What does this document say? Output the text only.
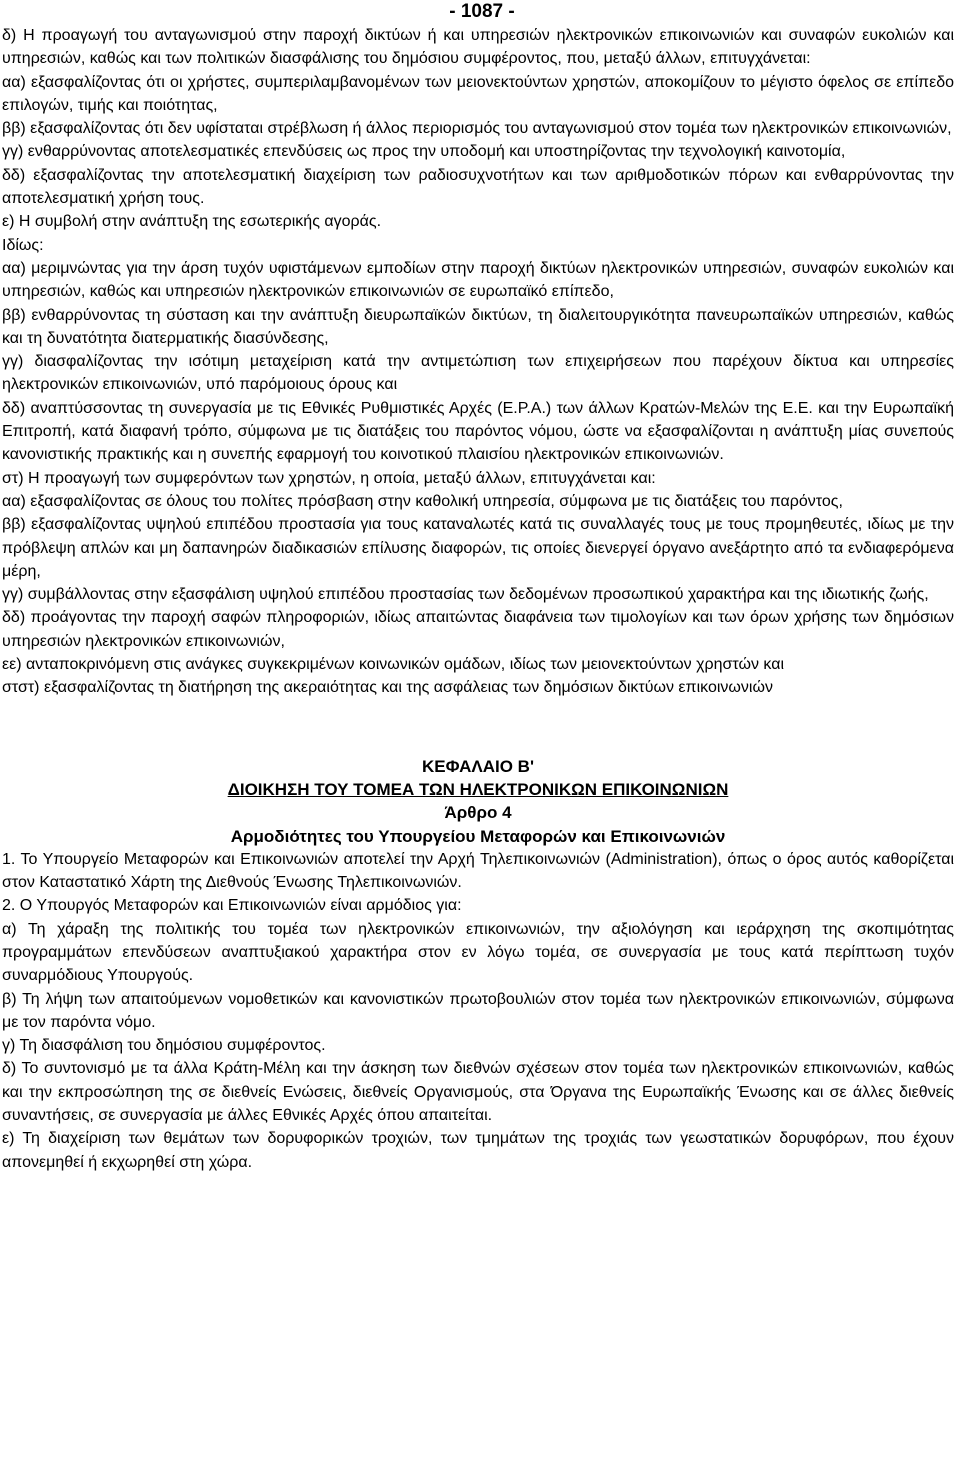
- 1087 -

δ) Η προαγωγή του ανταγωνισμού στην παροχή δικτύων ή και υπηρεσιών ηλεκτρονικών επικοινωνιών και συναφών ευκολιών και υπηρεσιών, καθώς και των πολιτικών διασφάλισης του δημόσιου συμφέροντος, που, μεταξύ άλλων, επιτυγχάνεται:

αα) εξασφαλίζοντας ότι οι χρήστες, συμπεριλαμβανομένων των μειονεκτούντων χρηστών, αποκομίζουν το μέγιστο όφελος σε επίπεδο επιλογών, τιμής και ποιότητας,

ββ) εξασφαλίζοντας ότι δεν υφίσταται στρέβλωση ή άλλος περιορισμός του ανταγωνισμού στον τομέα των ηλεκτρονικών επικοινωνιών,

γγ) ενθαρρύνοντας αποτελεσματικές επενδύσεις ως προς την υποδομή και υποστηρίζοντας την τεχνολογική καινοτομία,

δδ) εξασφαλίζοντας την αποτελεσματική διαχείριση των ραδιοσυχνοτήτων και των αριθμοδοτικών πόρων και ενθαρρύνοντας την αποτελεσματική χρήση τους.

ε) Η συμβολή στην ανάπτυξη της εσωτερικής αγοράς.

Ιδίως:

αα) μεριμνώντας για την άρση τυχόν υφιστάμενων εμποδίων στην παροχή δικτύων ηλεκτρονικών υπηρεσιών, συναφών ευκολιών και υπηρεσιών, καθώς και υπηρεσιών ηλεκτρονικών επικοινωνιών σε ευρωπαϊκό επίπεδο,

ββ) ενθαρρύνοντας τη σύσταση και την ανάπτυξη διευρωπαϊκών δικτύων, τη διαλειτουργικότητα πανευρωπαϊκών υπηρεσιών, καθώς και τη δυνατότητα διατερματικής διασύνδεσης,

γγ) διασφαλίζοντας την ισότιμη μεταχείριση κατά την αντιμετώπιση των επιχειρήσεων που παρέχουν δίκτυα και υπηρεσίες ηλεκτρονικών επικοινωνιών, υπό παρόμοιους όρους και

δδ) αναπτύσσοντας τη συνεργασία με τις Εθνικές Ρυθμιστικές Αρχές (Ε.Ρ.Α.) των άλλων Κρατών-Μελών της Ε.Ε. και την Ευρωπαϊκή Επιτροπή, κατά διαφανή τρόπο, σύμφωνα με τις διατάξεις του παρόντος νόμου, ώστε να εξασφαλίζονται η ανάπτυξη μίας συνεπούς κανονιστικής πρακτικής και η συνεπής εφαρμογή του κοινοτικού πλαισίου ηλεκτρονικών επικοινωνιών.

στ) Η προαγωγή των συμφερόντων των χρηστών, η οποία, μεταξύ άλλων, επιτυγχάνεται και:

αα) εξασφαλίζοντας σε όλους του πολίτες πρόσβαση στην καθολική υπηρεσία, σύμφωνα με τις διατάξεις του παρόντος,

ββ) εξασφαλίζοντας υψηλού επιπέδου προστασία για τους καταναλωτές κατά τις συναλλαγές τους με τους προμηθευτές, ιδίως με την πρόβλεψη απλών και μη δαπανηρών διαδικασιών επίλυσης διαφορών, τις οποίες διενεργεί όργανο ανεξάρτητο από τα ενδιαφερόμενα μέρη,

γγ) συμβάλλοντας στην εξασφάλιση υψηλού επιπέδου προστασίας των δεδομένων προσωπικού χαρακτήρα και της ιδιωτικής ζωής,

δδ) προάγοντας την παροχή σαφών πληροφοριών, ιδίως απαιτώντας διαφάνεια των τιμολογίων και των όρων χρήσης των δημόσιων υπηρεσιών ηλεκτρονικών επικοινωνιών,

εε) ανταποκρινόμενη στις ανάγκες συγκεκριμένων κοινωνικών ομάδων, ιδίως των μειονεκτούντων χρηστών και

στστ) εξασφαλίζοντας τη διατήρηση της ακεραιότητας και της ασφάλειας των δημόσιων δικτύων επικοινωνιών

ΚΕΦΑΛΑΙΟ Β'

ΔΙΟΙΚΗΣΗ ΤΟΥ ΤΟΜΕΑ ΤΩΝ ΗΛΕΚΤΡΟΝΙΚΩΝ ΕΠΙΚΟΙΝΩΝΙΩΝ

Άρθρο 4

Αρμοδιότητες του Υπουργείου Μεταφορών και Επικοινωνιών

1. Το Υπουργείο Μεταφορών και Επικοινωνιών αποτελεί την Αρχή Τηλεπικοινωνιών (Administration), όπως ο όρος αυτός καθορίζεται στον Καταστατικό Χάρτη της Διεθνούς Ένωσης Τηλεπικοινωνιών.

2. Ο Υπουργός Μεταφορών και Επικοινωνιών είναι αρμόδιος για:

α) Τη χάραξη της πολιτικής του τομέα των ηλεκτρονικών επικοινωνιών, την αξιολόγηση και ιεράρχηση της σκοπιμότητας προγραμμάτων επενδύσεων αναπτυξιακού χαρακτήρα στον εν λόγω τομέα, σε συνεργασία με τους κατά περίπτωση τυχόν συναρμόδιους Υπουργούς.

β) Τη λήψη των απαιτούμενων νομοθετικών και κανονιστικών πρωτοβουλιών στον τομέα των ηλεκτρονικών επικοινωνιών, σύμφωνα με τον παρόντα νόμο.

γ) Τη διασφάλιση του δημόσιου συμφέροντος.

δ) Το συντονισμό με τα άλλα Κράτη-Μέλη και την άσκηση των διεθνών σχέσεων στον τομέα των ηλεκτρονικών επικοινωνιών, καθώς και την εκπροσώπηση της σε διεθνείς Ενώσεις, διεθνείς Οργανισμούς, στα Όργανα της Ευρωπαϊκής Ένωσης και σε άλλες διεθνείς συναντήσεις, σε συνεργασία με άλλες Εθνικές Αρχές όπου απαιτείται.

ε) Τη διαχείριση των θεμάτων των δορυφορικών τροχιών, των τμημάτων της τροχιάς των γεωστατικών δορυφόρων, που έχουν απονεμηθεί ή εκχωρηθεί στη χώρα.
